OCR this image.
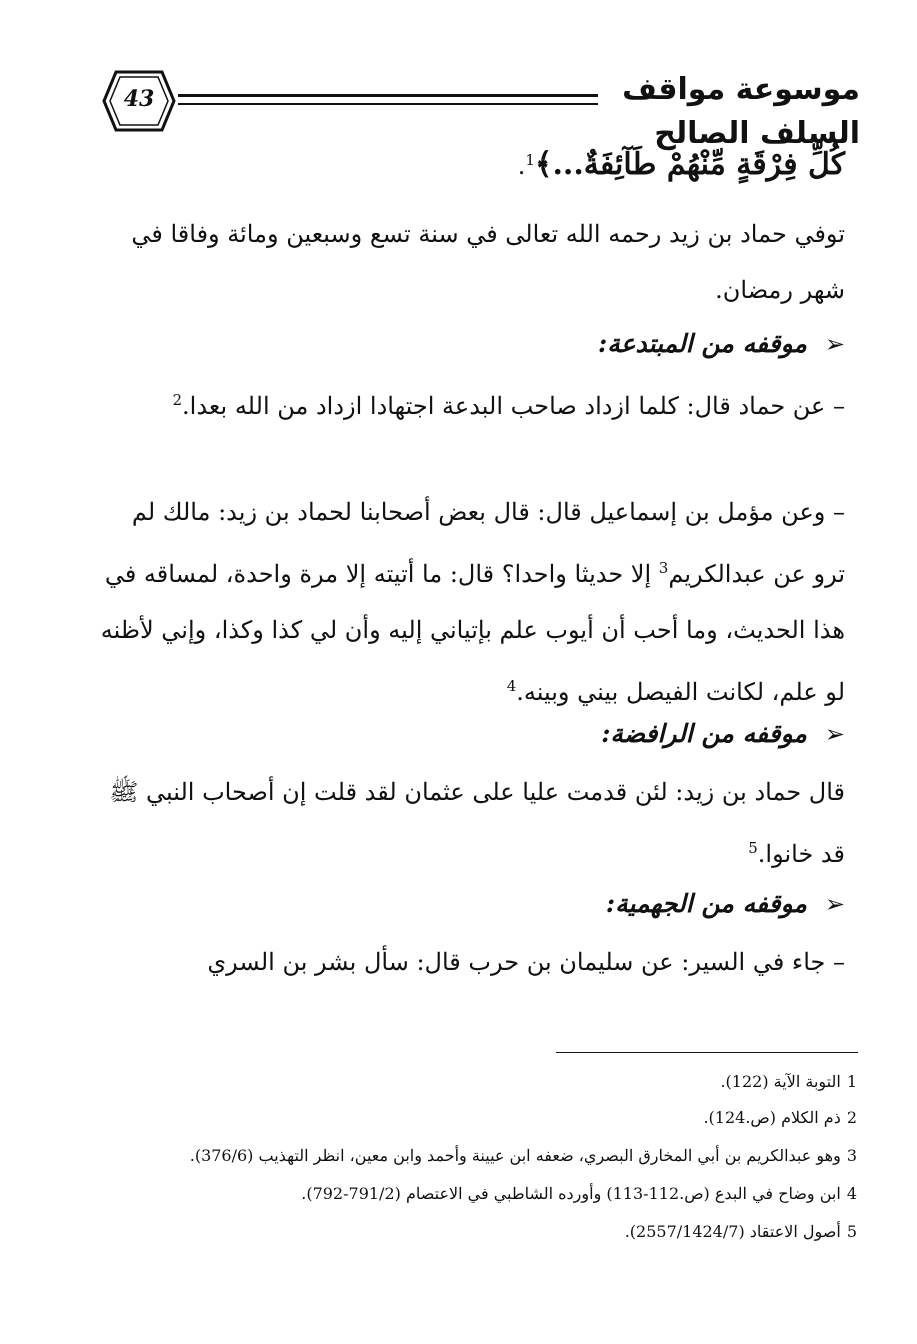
43	موسوعة مواقف السلف الصالح
كُلِّ فِرْقَةٍ مِّنْهُمْ طَآئِفَةٌ...﴾$^1$.
توفي حماد بن زيد رحمه الله تعالى في سنة تسع وسبعين ومائة وفاقا في شهر رمضان.
➢موقفه من المبتدعة:
– عن حماد قال: كلما ازداد صاحب البدعة اجتهادا ازداد من الله بعدا.$^2$
– وعن مؤمل بن إسماعيل قال: قال بعض أصحابنا لحماد بن زيد: مالك لم ترو عن عبدالكريم$^3$ إلا حديثا واحدا؟ قال: ما أتيته إلا مرة واحدة، لمساقه في هذا الحديث، وما أحب أن أيوب علم بإتياني إليه وأن لي كذا وكذا، وإني لأظنه لو علم، لكانت الفيصل بيني وبينه.$^4$
➢موقفه من الرافضة:
قال حماد بن زيد: لئن قدمت عليا على عثمان لقد قلت إن أصحاب النبي ﷺ قد خانوا.$^5$
➢موقفه من الجهمية:
– جاء في السير: عن سليمان بن حرب قال: سأل بشر بن السري
1التوبة الآية (122).
2ذم الكلام (ص.124).
3وهو عبدالكريم بن أبي المخارق البصري، ضعفه ابن عيينة وأحمد وابن معين، انظر التهذيب (376/6).
4ابن وضاح في البدع (ص.112-113) وأورده الشاطبي في الاعتصام (791/2-792).
5أصول الاعتقاد (2557/1424/7).
